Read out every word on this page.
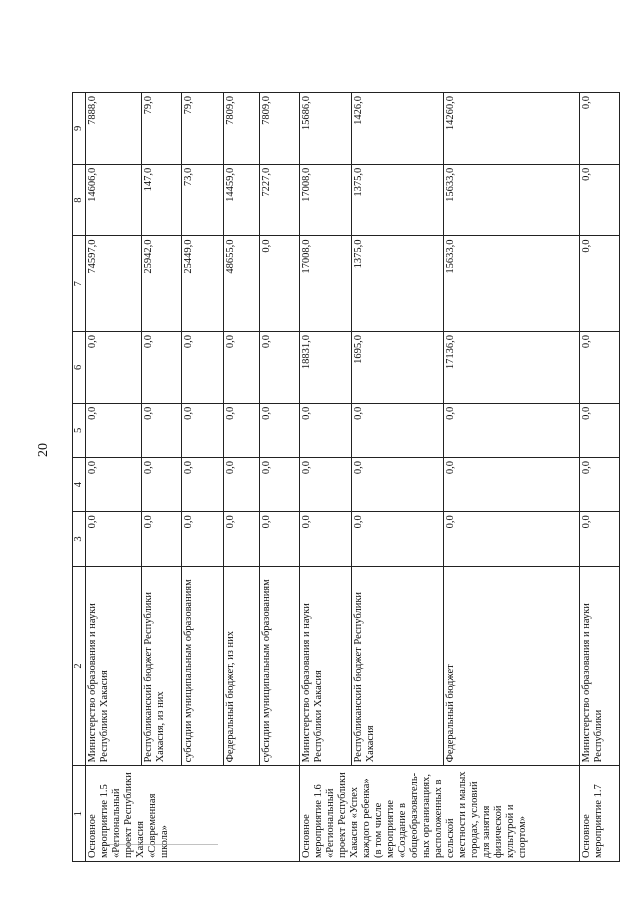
20
1	2	3	4	5	6	7	8	9
Основное мероприятие 1.5 «Региональный проект Республики Хакасия «Современная школа»	Министерство образования и науки Республики Хакасия	0,0	0,0	0,0	0,0	74597,0	14606,0	7888,0
	Республиканский бюджет Республики Хакасия, из них	0,0	0,0	0,0	0,0	25942,0	147,0	79,0
	субсидии муниципальным образованиям	0,0	0,0	0,0	0,0	25449,0	73,0	79,0
	Федеральный бюджет, из них	0,0	0,0	0,0	0,0	48655,0	14459,0	7809,0
	субсидии муниципальным образованиям	0,0	0,0	0,0	0,0	0,0	7227,0	7809,0
Основное мероприятие 1.6 «Региональный проект Республики Хакасия «Успех каждого ребенка» (в том числе мероприятие «Создание в общеобразователь-ных организациях, расположенных в сельской местности и малых городах, условий для занятия физической культурой и спортом»	Министерство образования и науки Республики Хакасия	0,0	0,0	0,0	18831,0	17008,0	17008,0	15686,0
	Республиканский бюджет Республики Хакасия	0,0	0,0	0,0	1695,0	1375,0	1375,0	1426,0
	Федеральный бюджет	0,0	0,0	0,0	17136,0	15633,0	15633,0	14260,0
Основное мероприятие 1.7	Министерство образования и науки Республики	0,0	0,0	0,0	0,0	0,0	0,0	0,0
